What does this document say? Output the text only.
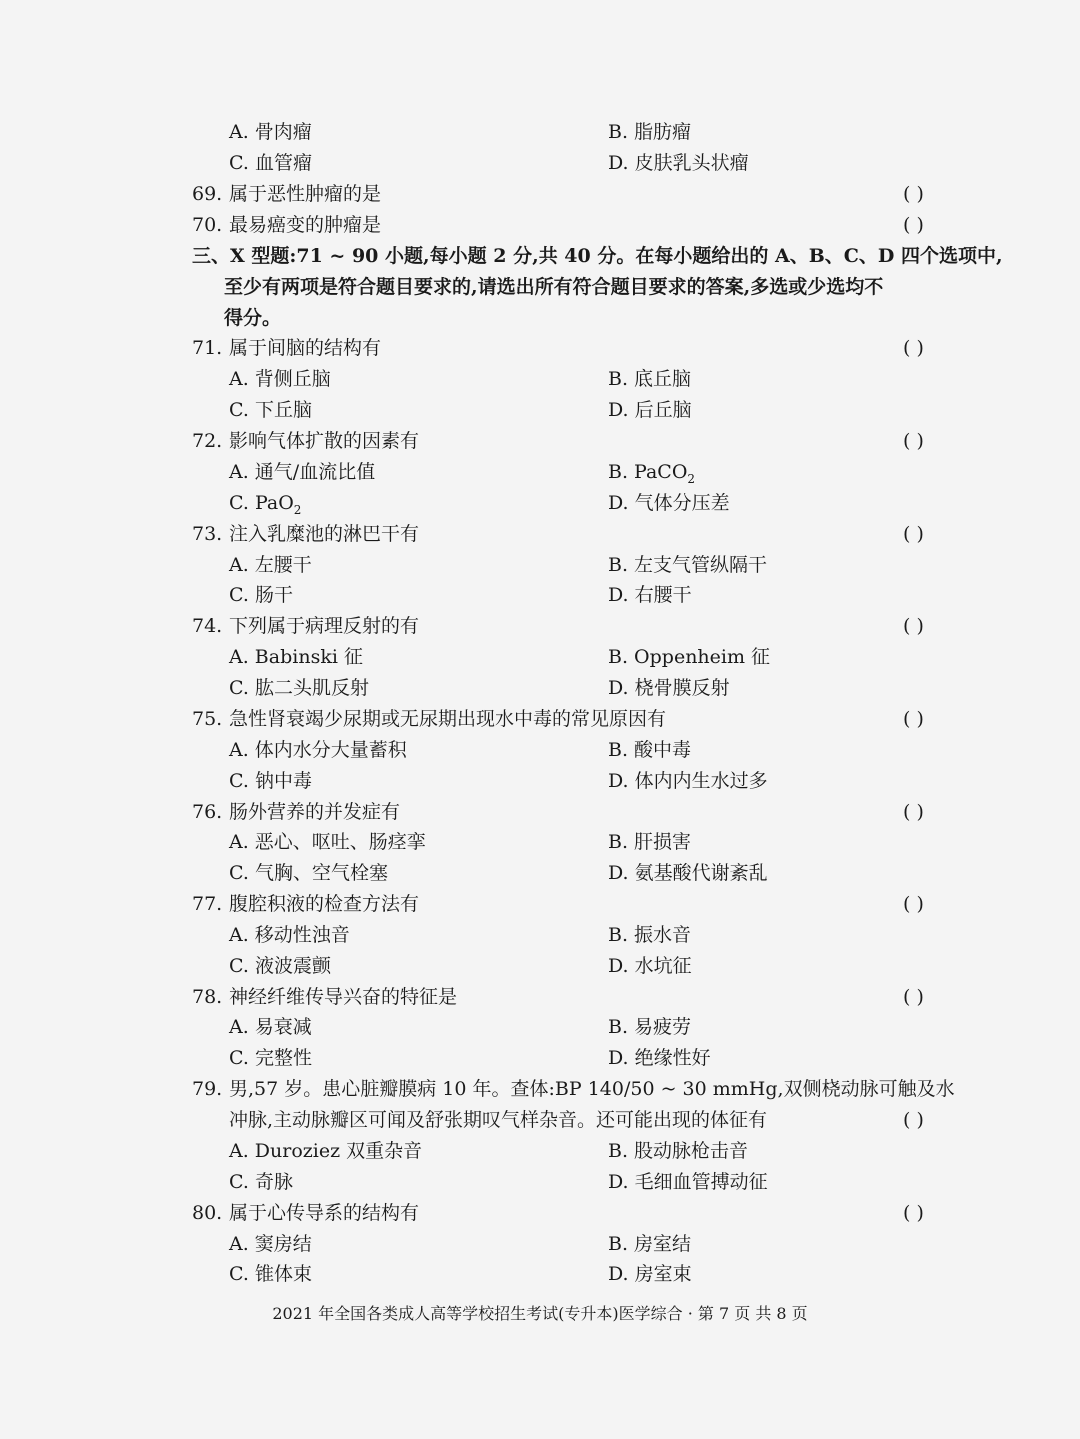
A. 骨肉瘤	B. 脂肪瘤
C. 血管瘤	D. 皮肤乳头状瘤
69. 属于恶性肿瘤的是	( )
70. 最易癌变的肿瘤是	( )
三、X 型题:71 ~ 90 小题,每小题 2 分,共 40 分。在每小题给出的 A、B、C、D 四个选项中,
至少有两项是符合题目要求的,请选出所有符合题目要求的答案,多选或少选均不
得分。
71. 属于间脑的结构有	( )
A. 背侧丘脑	B. 底丘脑
C. 下丘脑	D. 后丘脑
72. 影响气体扩散的因素有	( )
A. 通气/血流比值	B. PaCO$_2$
C. PaO$_2$	D. 气体分压差
73. 注入乳糜池的淋巴干有	( )
A. 左腰干	B. 左支气管纵隔干
C. 肠干	D. 右腰干
74. 下列属于病理反射的有	( )
A. Babinski 征	B. Oppenheim 征
C. 肱二头肌反射	D. 桡骨膜反射
75. 急性肾衰竭少尿期或无尿期出现水中毒的常见原因有	( )
A. 体内水分大量蓄积	B. 酸中毒
C. 钠中毒	D. 体内内生水过多
76. 肠外营养的并发症有	( )
A. 恶心、呕吐、肠痉挛	B. 肝损害
C. 气胸、空气栓塞	D. 氨基酸代谢紊乱
77. 腹腔积液的检查方法有	( )
A. 移动性浊音	B. 振水音
C. 液波震颤	D. 水坑征
78. 神经纤维传导兴奋的特征是	( )
A. 易衰减	B. 易疲劳
C. 完整性	D. 绝缘性好
79. 男,57 岁。患心脏瓣膜病 10 年。查体:BP 140/50 ~ 30 mmHg,双侧桡动脉可触及水
冲脉,主动脉瓣区可闻及舒张期叹气样杂音。还可能出现的体征有	( )
A. Duroziez 双重杂音	B. 股动脉枪击音
C. 奇脉	D. 毛细血管搏动征
80. 属于心传导系的结构有	( )
A. 窦房结	B. 房室结
C. 锥体束	D. 房室束
2021 年全国各类成人高等学校招生考试(专升本)医学综合 · 第 7 页 共 8 页
